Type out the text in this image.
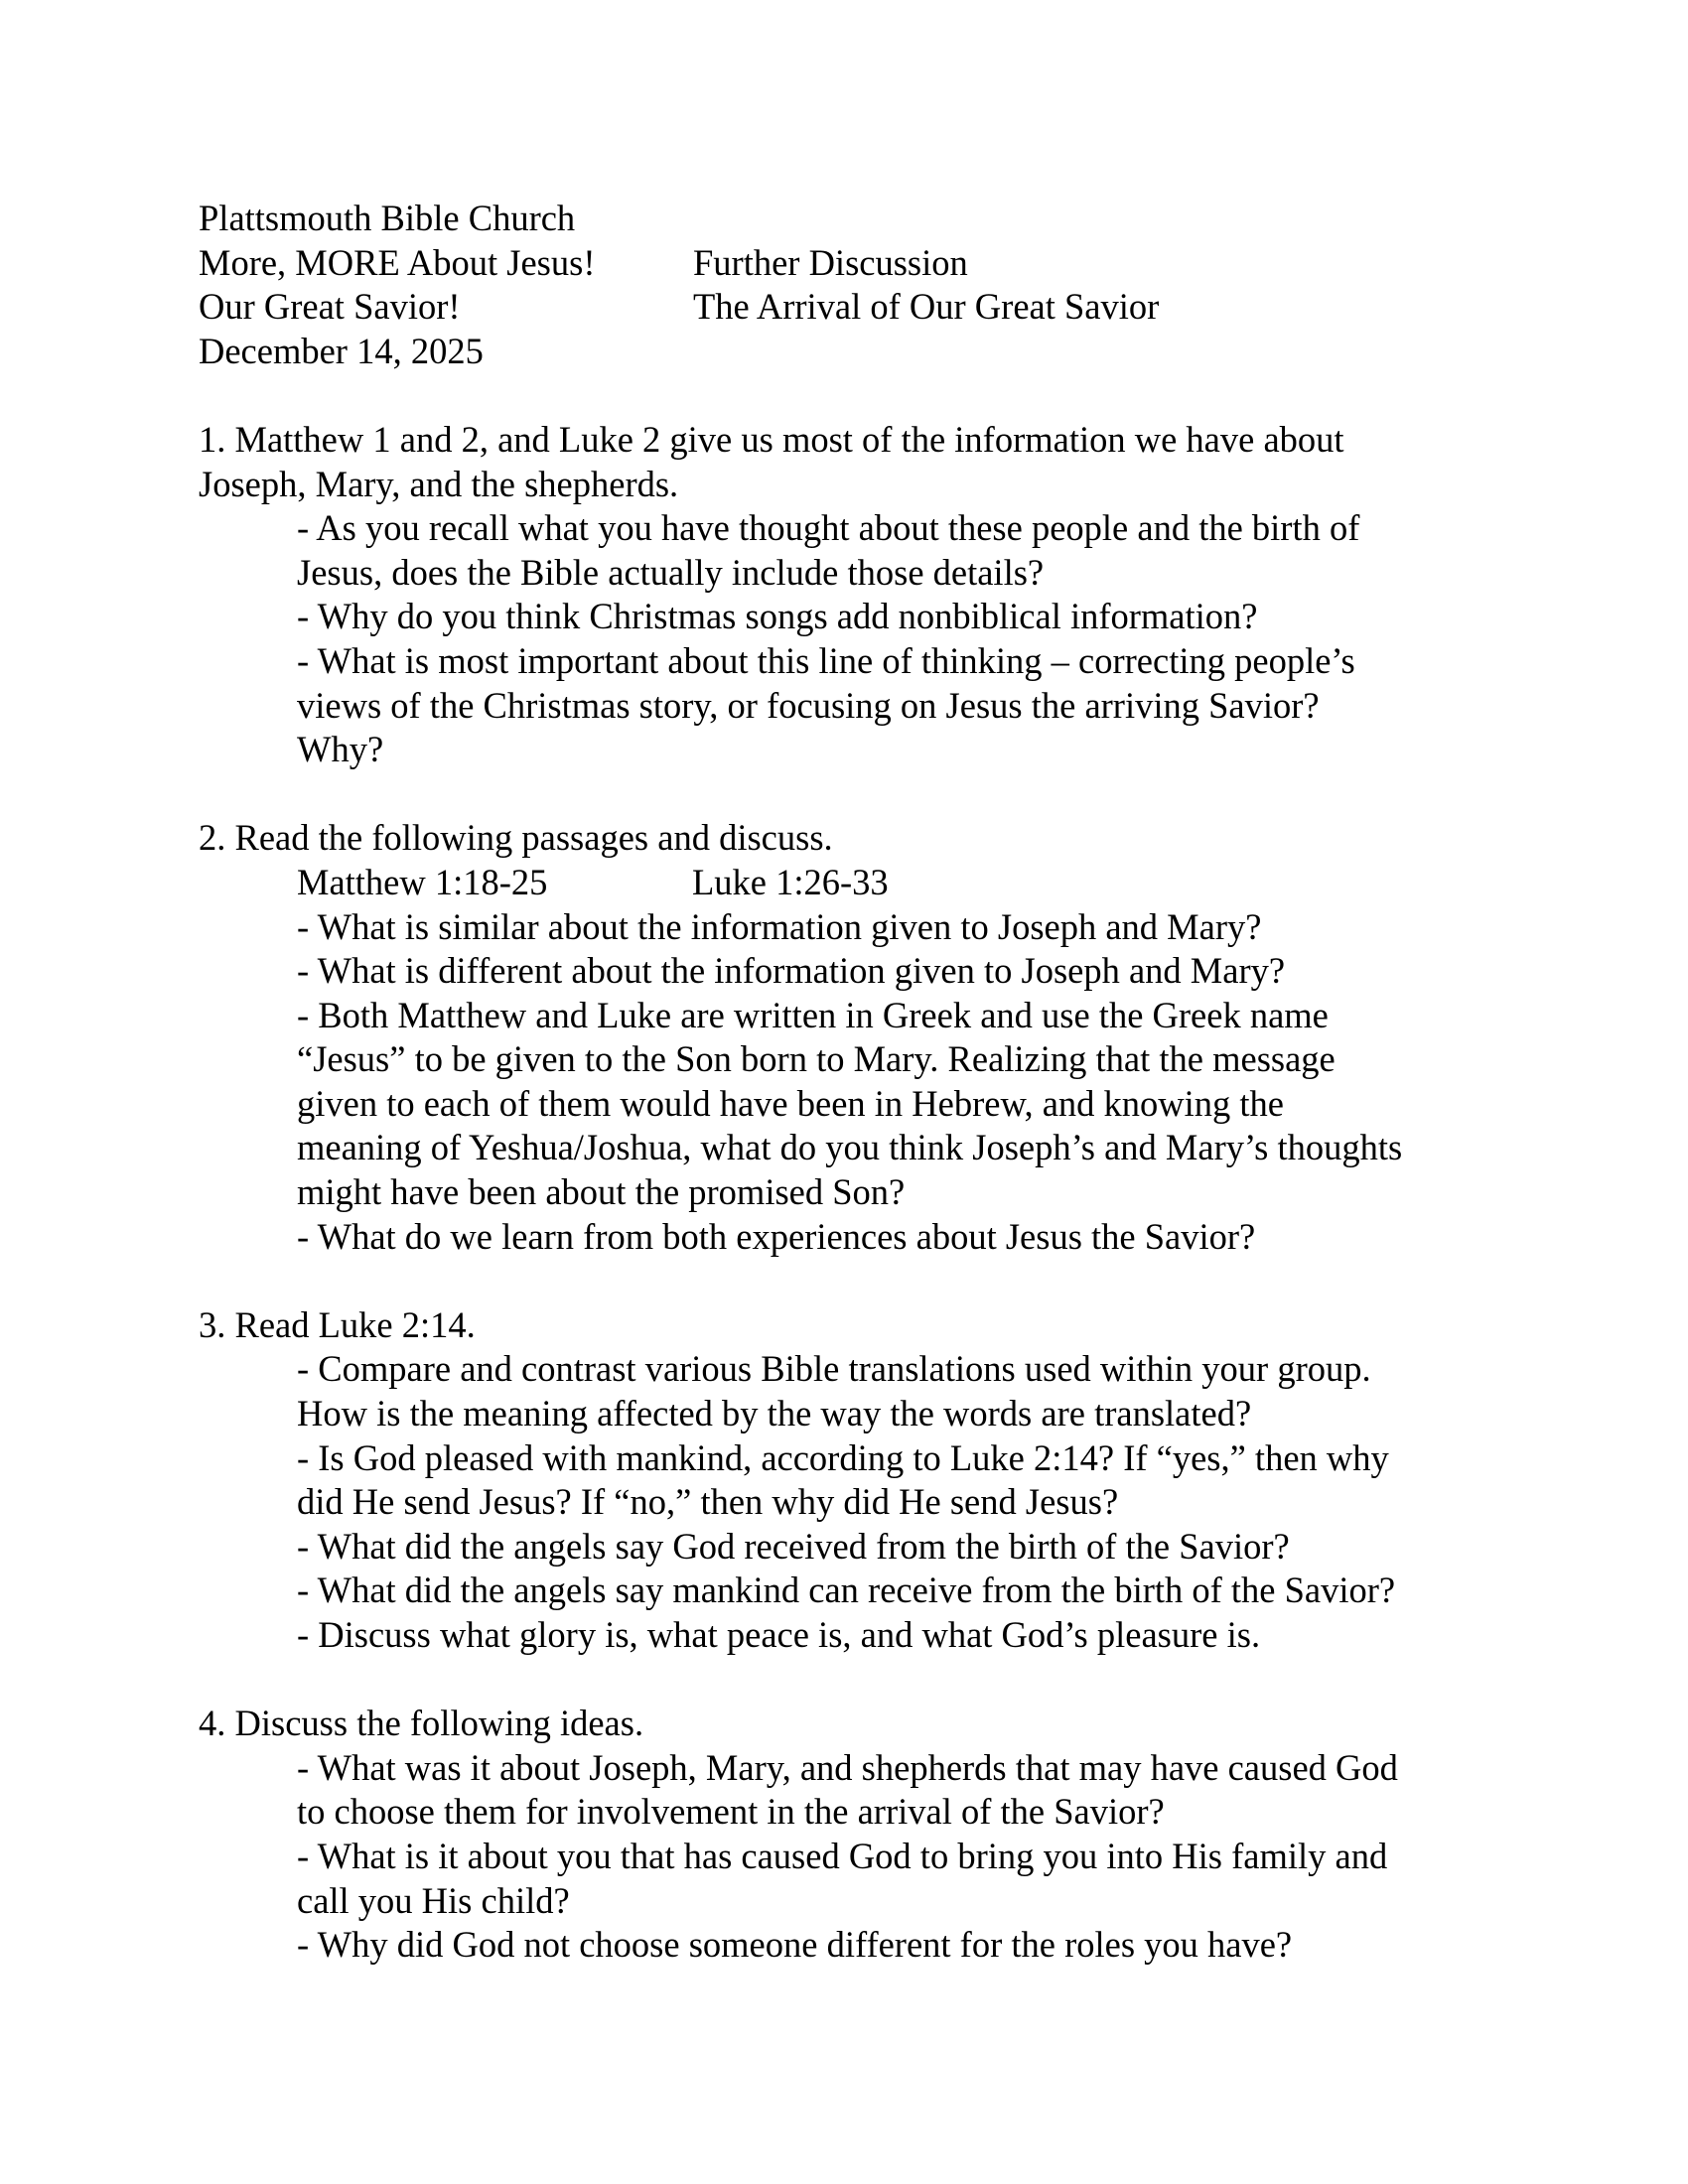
Plattsmouth Bible Church
More, MORE About Jesus!	Further Discussion
Our Great Savior!	The Arrival of Our Great Savior
December 14, 2025
1. Matthew 1 and 2, and Luke 2 give us most of the information we have about
Joseph, Mary, and the shepherds.
- As you recall what you have thought about these people and the birth of
Jesus, does the Bible actually include those details?
- Why do you think Christmas songs add nonbiblical information?
- What is most important about this line of thinking – correcting people’s
views of the Christmas story, or focusing on Jesus the arriving Savior?
Why?
2. Read the following passages and discuss.
Matthew 1:18-25	Luke 1:26-33
- What is similar about the information given to Joseph and Mary?
- What is different about the information given to Joseph and Mary?
- Both Matthew and Luke are written in Greek and use the Greek name
“Jesus” to be given to the Son born to Mary. Realizing that the message
given to each of them would have been in Hebrew, and knowing the
meaning of Yeshua/Joshua, what do you think Joseph’s and Mary’s thoughts
might have been about the promised Son?
- What do we learn from both experiences about Jesus the Savior?
3. Read Luke 2:14.
- Compare and contrast various Bible translations used within your group.
How is the meaning affected by the way the words are translated?
- Is God pleased with mankind, according to Luke 2:14? If “yes,” then why
did He send Jesus? If “no,” then why did He send Jesus?
- What did the angels say God received from the birth of the Savior?
- What did the angels say mankind can receive from the birth of the Savior?
- Discuss what glory is, what peace is, and what God’s pleasure is.
4. Discuss the following ideas.
- What was it about Joseph, Mary, and shepherds that may have caused God
to choose them for involvement in the arrival of the Savior?
- What is it about you that has caused God to bring you into His family and
call you His child?
- Why did God not choose someone different for the roles you have?
